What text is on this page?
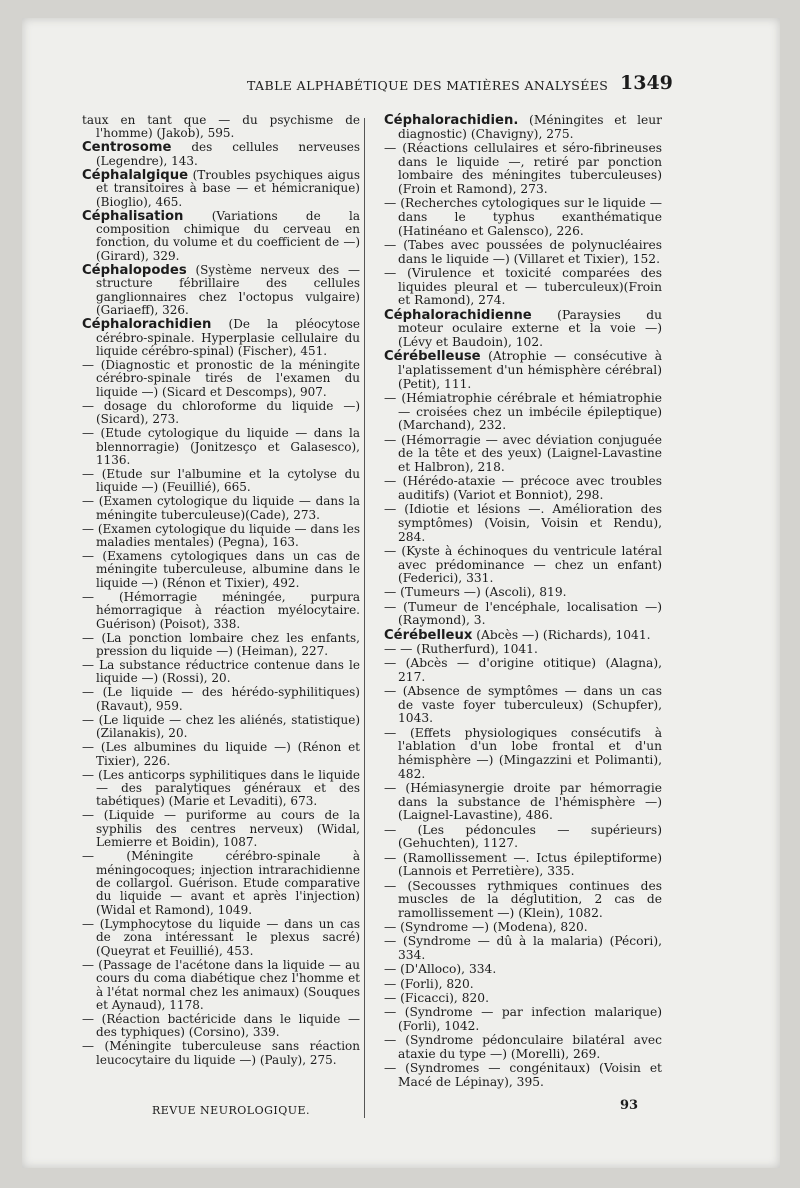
TABLE ALPHABÉTIQUE DES MATIÈRES ANALYSÉES 1349

taux en tant que — du psychisme de l'homme) (Jakob), 595.

Centrosome des cellules nerveuses (Legendre), 143.

Céphalalgique (Troubles psychiques aigus et transitoires à base — et hémicranique) (Bioglio), 465.

Céphalisation (Variations de la composition chimique du cerveau en fonction, du volume et du coefficient de —) (Girard), 329.

Céphalopodes (Système nerveux des — structure fébrillaire des cellules ganglionnaires chez l'octopus vulgaire) (Gariaeff), 326.

Céphalorachidien (De la pléocytose cérébro-spinale. Hyperplasie cellulaire du liquide cérébro-spinal) (Fischer), 451.

— (Diagnostic et pronostic de la méningite cérébro-spinale tirés de l'examen du liquide —) (Sicard et Descomps), 907.

— dosage du chloroforme du liquide —) (Sicard), 273.

— (Etude cytologique du liquide — dans la blennorragie) (Jonitzesço et Galasesco), 1136.

— (Etude sur l'albumine et la cytolyse du liquide —) (Feuillié), 665.

— (Examen cytologique du liquide — dans la méningite tuberculeuse)(Cade), 273.

— (Examen cytologique du liquide — dans les maladies mentales) (Pegna), 163.

— (Examens cytologiques dans un cas de méningite tuberculeuse, albumine dans le liquide —) (Rénon et Tixier), 492.

— (Hémorragie méningée, purpura hémorragique à réaction myélocytaire. Guérison) (Poisot), 338.

— (La ponction lombaire chez les enfants, pression du liquide —) (Heiman), 227.

— La substance réductrice contenue dans le liquide —) (Rossi), 20.

— (Le liquide — des hérédo-syphilitiques) (Ravaut), 959.

— (Le liquide — chez les aliénés, statistique) (Zilanakis), 20.

— (Les albumines du liquide —) (Rénon et Tixier), 226.

— (Les anticorps syphilitiques dans le liquide — des paralytiques généraux et des tabétiques) (Marie et Levaditi), 673.

— (Liquide — puriforme au cours de la syphilis des centres nerveux) (Widal, Lemierre et Boidin), 1087.

— (Méningite cérébro-spinale à méningocoques; injection intrarachidienne de collargol. Guérison. Etude comparative du liquide — avant et après l'injection) (Widal et Ramond), 1049.

— (Lymphocytose du liquide — dans un cas de zona intéressant le plexus sacré) (Queyrat et Feuillié), 453.

— (Passage de l'acétone dans la liquide — au cours du coma diabétique chez l'homme et à l'état normal chez les animaux) (Souques et Aynaud), 1178.

— (Réaction bactéricide dans le liquide — des typhiques) (Corsino), 339.

— (Méningite tuberculeuse sans réaction leucocytaire du liquide —) (Pauly), 275.

Céphalorachidien. (Méningites et leur diagnostic) (Chavigny), 275.

— (Réactions cellulaires et séro-fibrineuses dans le liquide —, retiré par ponction lombaire des méningites tuberculeuses) (Froin et Ramond), 273.

— (Recherches cytologiques sur le liquide — dans le typhus exanthématique (Hatinéano et Galensco), 226.

— (Tabes avec poussées de polynucléaires dans le liquide —) (Villaret et Tixier), 152.

— (Virulence et toxicité comparées des liquides pleural et — tuberculeux)(Froin et Ramond), 274.

Céphalorachidienne (Paraysies du moteur oculaire externe et la voie —) (Lévy et Baudoin), 102.

Cérébelleuse (Atrophie — consécutive à l'aplatissement d'un hémisphère cérébral) (Petit), 111.

— (Hémiatrophie cérébrale et hémiatrophie — croisées chez un imbécile épileptique) (Marchand), 232.

— (Hémorragie — avec déviation conjuguée de la tête et des yeux) (Laignel-Lavastine et Halbron), 218.

— (Hérédo-ataxie — précoce avec troubles auditifs) (Variot et Bonniot), 298.

— (Idiotie et lésions —. Amélioration des symptômes) (Voisin, Voisin et Rendu), 284.

— (Kyste à échinoques du ventricule latéral avec prédominance — chez un enfant) (Federici), 331.

— (Tumeurs —) (Ascoli), 819.

— (Tumeur de l'encéphale, localisation —) (Raymond), 3.

Cérébelleux (Abcès —) (Richards), 1041.

— — (Rutherfurd), 1041.

— (Abcès — d'origine otitique) (Alagna), 217.

— (Absence de symptômes — dans un cas de vaste foyer tuberculeux) (Schupfer), 1043.

— (Effets physiologiques consécutifs à l'ablation d'un lobe frontal et d'un hémisphère —) (Mingazzini et Polimanti), 482.

— (Hémiasynergie droite par hémorragie dans la substance de l'hémisphère —) (Laignel-Lavastine), 486.

— (Les pédoncules — supérieurs) (Gehuchten), 1127.

— (Ramollissement —. Ictus épileptiforme) (Lannois et Perretière), 335.

— (Secousses rythmiques continues des muscles de la déglutition, 2 cas de ramollissement —) (Klein), 1082.

— (Syndrome —) (Modena), 820.

— (Syndrome — dû à la malaria) (Pécori), 334.

— (D'Alloco), 334.

— (Forli), 820.

— (Ficacci), 820.

— (Syndrome — par infection malarique) (Forli), 1042.

— (Syndrome pédonculaire bilatéral avec ataxie du type —) (Morelli), 269.

— (Syndromes — congénitaux) (Voisin et Macé de Lépinay), 395.

REVUE NEUROLOGIQUE.	93
